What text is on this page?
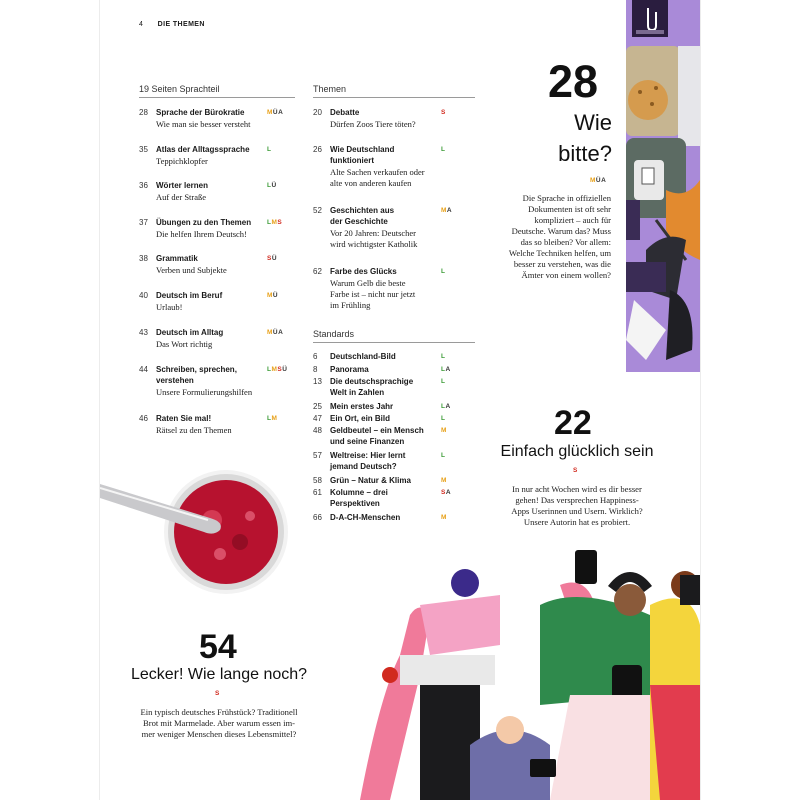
4 DIE THEMEN
19 Seiten Sprachteil
28	Sprache der Bürokratie
Wie man sie besser versteht
MÜA
35	Atlas der Alltagssprache
Teppichklopfer
L
36	Wörter lernen
Auf der Straße
LÜ
37	Übungen zu den Themen
Die helfen Ihrem Deutsch!
LMS
38	Grammatik
Verben und Subjekte
SÜ
40	Deutsch im Beruf
Urlaub!
MÜ
43	Deutsch im Alltag
Das Wort richtig
MÜA
44	Schreiben, sprechen,
verstehen
Unsere Formulierungshilfen
LMSÜ
46	Raten Sie mal!
Rätsel zu den Themen
LM
Themen
20	Debatte
Dürfen Zoos Tiere töten?
S
26	Wie Deutschland
funktioniert
Alte Sachen verkaufen oder
alte von anderen kaufen
L
52	Geschichten aus
der Geschichte
Vor 20 Jahren: Deutscher
wird wichtigster Katholik
MA
62	Farbe des Glücks
Warum Gelb die beste
Farbe ist – nicht nur jetzt
im Frühling
L
Standards
6	Deutschland-Bild	L
8	Panorama	LA
13	Die deutschsprachige
Welt in Zahlen
L
25	Mein erstes Jahr	LA
47	Ein Ort, ein Bild	L
48	Geldbeutel – ein Mensch
und seine Finanzen
M
57	Weltreise: Hier lernt
jemand Deutsch?
L
58	Grün – Natur & Klima	M
61	Kolumne – drei
Perspektiven
SA
66	D-A-CH-Menschen	M
28
Wie
bitte?
MÜA
Die Sprache in offiziellen
Dokumenten ist oft sehr
kompliziert – auch für
Deutsche. Warum das? Muss
das so bleiben? Vor allem:
Welche Techniken helfen, um
besser zu verstehen, was die
Ämter von einem wollen?
22
Einfach glücklich sein
S
In nur acht Wochen wird es dir besser
gehen! Das versprechen Happiness-
Apps Userinnen und Usern. Wirklich?
Unsere Autorin hat es probiert.
54
Lecker! Wie lange noch?
S
Ein typisch deutsches Frühstück? Traditionell
Brot mit Marmelade. Aber warum essen im-
mer weniger Menschen dieses Lebensmittel?
